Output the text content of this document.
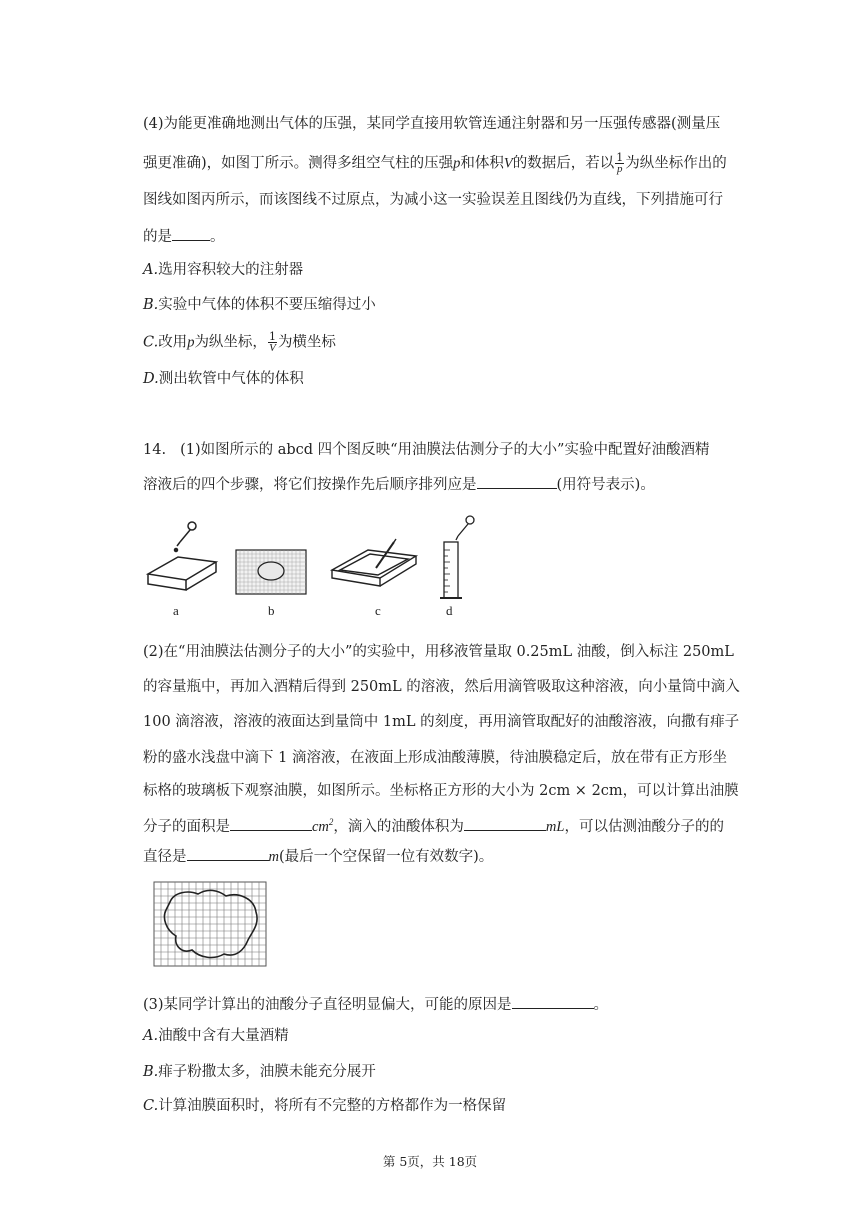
(4)为能更准确地测出气体的压强，某同学直接用软管连通注射器和另一压强传感器(测量压
强更准确)，如图丁所示。测得多组空气柱的压强p和体积V的数据后，若以 $\frac{1}{p}$ 为纵坐标作出的
图线如图丙所示，而该图线不过原点，为减小这一实验误差且图线仍为直线，下列措施可行
的是	。
A.选用容积较大的注射器
B.实验中气体的体积不要压缩得过小
C.改用p为纵坐标， $\frac{1}{V}$ 为横坐标
D.测出软管中气体的体积
14. (1)如图所示的 abcd 四个图反映“用油膜法估测分子的大小”实验中配置好油酸酒精
溶液后的四个步骤，将它们按操作先后顺序排列应是	(用符号表示)。
a	b	c	d
(2)在“用油膜法估测分子的大小”的实验中，用移液管量取 0.25mL 油酸，倒入标注 250mL
的容量瓶中，再加入酒精后得到 250mL 的溶液，然后用滴管吸取这种溶液，向小量筒中滴入
100 滴溶液，溶液的液面达到量筒中 1mL 的刻度，再用滴管取配好的油酸溶液，向撒有痱子
粉的盛水浅盘中滴下 1 滴溶液，在液面上形成油酸薄膜，待油膜稳定后，放在带有正方形坐
标格的玻璃板下观察油膜，如图所示。坐标格正方形的大小为 2cm × 2cm，可以计算出油膜
分子的面积是	$cm^2$，滴入的油酸体积为	mL，可以估测油酸分子的的
直径是	m(最后一个空保留一位有效数字)。
(3)某同学计算出的油酸分子直径明显偏大，可能的原因是	。
A.油酸中含有大量酒精
B.痱子粉撒太多，油膜未能充分展开
C.计算油膜面积时，将所有不完整的方格都作为一格保留
第 5页，共 18页
